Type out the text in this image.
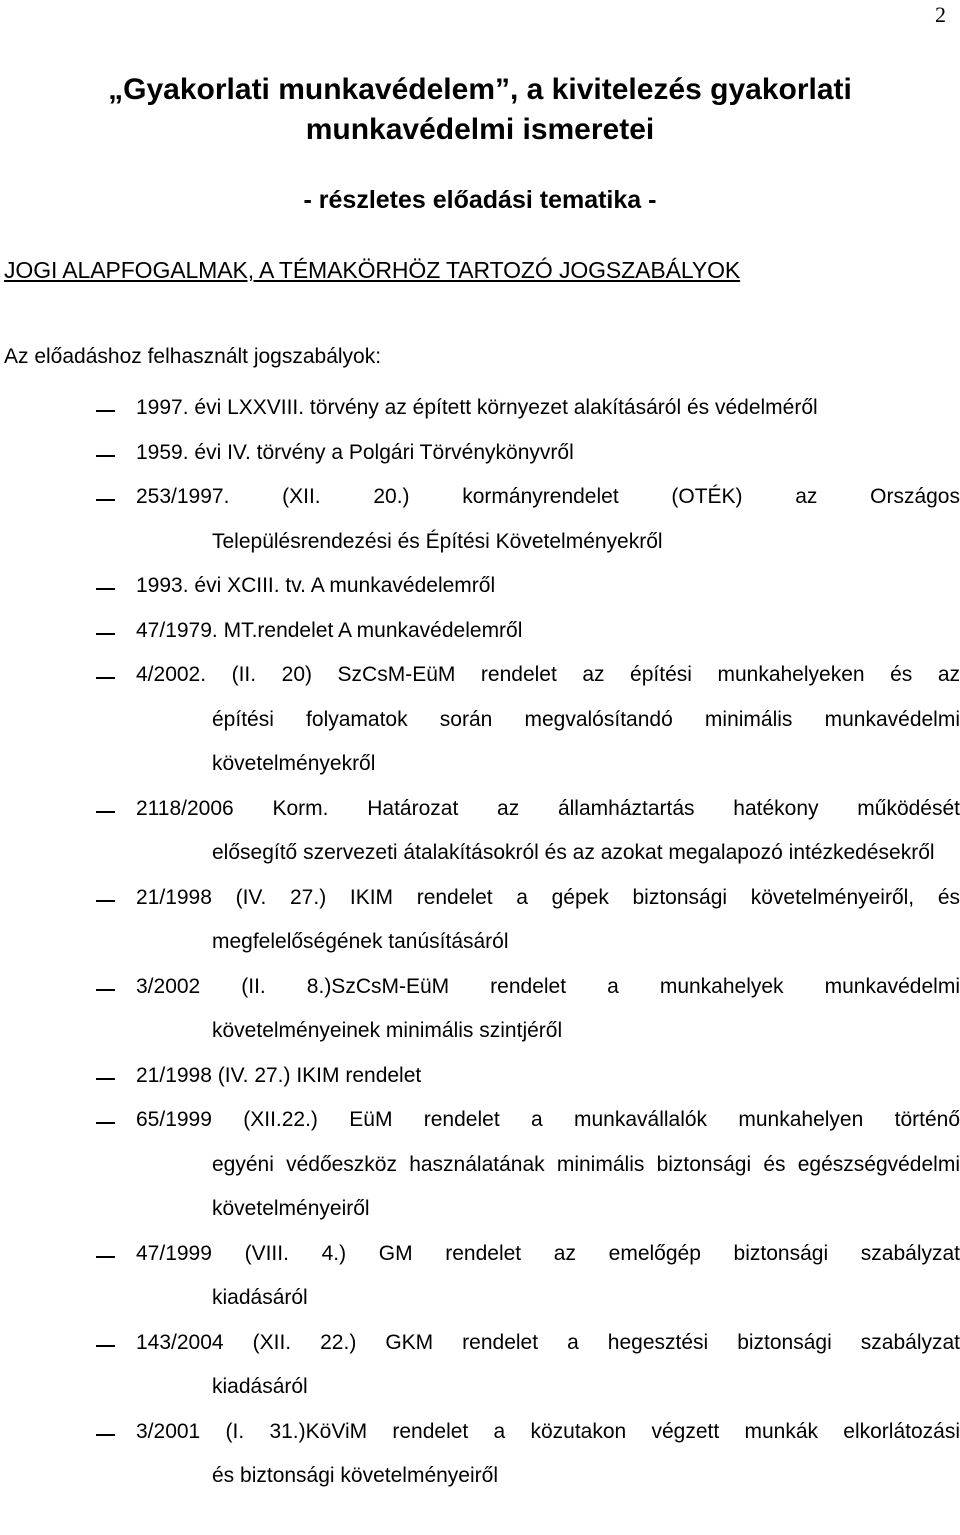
2
„Gyakorlati munkavédelem”, a kivitelezés gyakorlati
munkavédelmi ismeretei
- részletes előadási tematika -
JOGI ALAPFOGALMAK, A TÉMAKÖRHÖZ TARTOZÓ JOGSZABÁLYOK
Az előadáshoz felhasznált jogszabályok:
1997. évi LXXVIII. törvény az épített környezet alakításáról és védelméről
1959. évi IV. törvény a Polgári Törvénykönyvről
253/1997. (XII. 20.) kormányrendelet (OTÉK) az Országos
Településrendezési és Építési Követelményekről
1993. évi XCIII. tv. A munkavédelemről
47/1979. MT.rendelet A munkavédelemről
4/2002. (II. 20) SzCsM-EüM rendelet az építési munkahelyeken és az
építési folyamatok során megvalósítandó minimális munkavédelmi követelményekről
2118/2006 Korm. Határozat az államháztartás hatékony működését
elősegítő szervezeti átalakításokról és az azokat megalapozó intézkedésekről
21/1998 (IV. 27.) IKIM rendelet a gépek biztonsági követelményeiről, és
megfelelőségének tanúsításáról
3/2002 (II. 8.)SzCsM-EüM rendelet a munkahelyek munkavédelmi
követelményeinek minimális szintjéről
21/1998 (IV. 27.) IKIM rendelet
65/1999 (XII.22.) EüM rendelet a munkavállalók munkahelyen történő
egyéni védőeszköz használatának minimális biztonsági és egészségvédelmi követelményeiről
47/1999 (VIII. 4.) GM rendelet az emelőgép biztonsági szabályzat
kiadásáról
143/2004 (XII. 22.) GKM rendelet a hegesztési biztonsági szabályzat
kiadásáról
3/2001 (I. 31.)KöViM rendelet a közutakon végzett munkák elkorlátozási
és biztonsági követelményeiről
